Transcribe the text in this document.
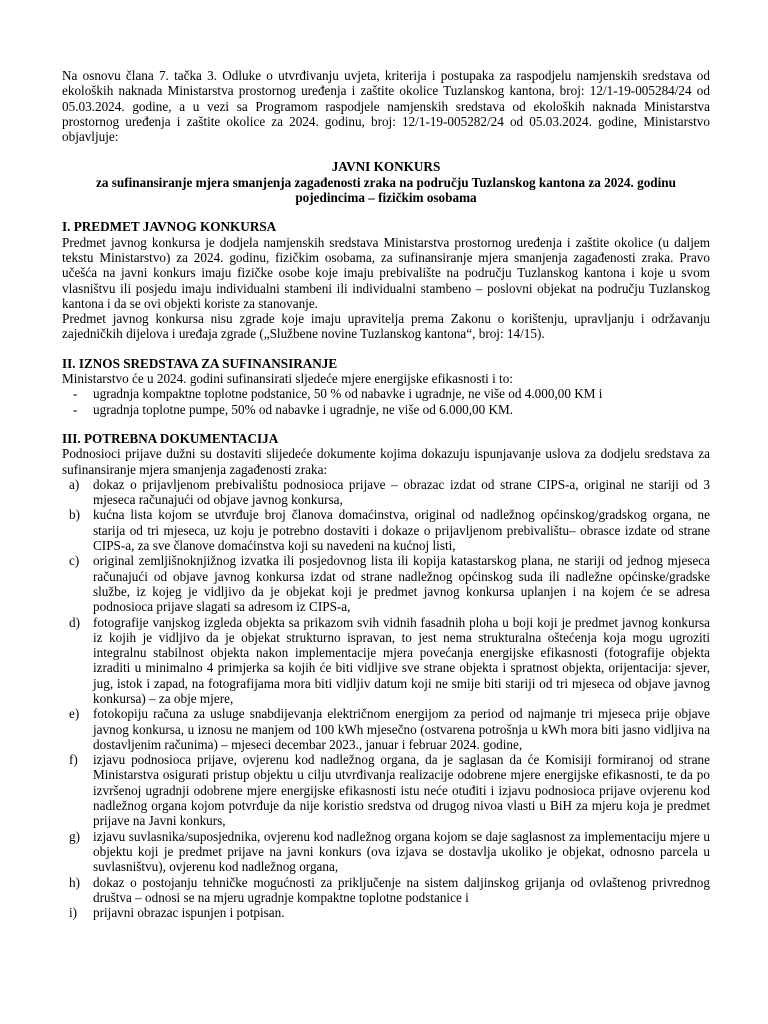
Na osnovu člana 7. tačka 3. Odluke o utvrđivanju uvjeta, kriterija i postupaka za raspodjelu namjenskih sredstava od ekoloških naknada Ministarstva prostornog uređenja i zaštite okolice Tuzlanskog kantona, broj: 12/1-19-005284/24 od 05.03.2024. godine, a u vezi sa Programom raspodjele namjenskih sredstava od ekoloških naknada Ministarstva prostornog uređenja i zaštite okolice za 2024. godinu, broj: 12/1-19-005282/24 od 05.03.2024. godine, Ministarstvo objavljuje:

JAVNI KONKURS
za sufinansiranje mjera smanjenja zagađenosti zraka na području Tuzlanskog kantona za 2024. godinu pojedincima – fizičkim osobama
I. PREDMET JAVNOG KONKURSA

Predmet javnog konkursa je dodjela namjenskih sredstava Ministarstva prostornog uređenja i zaštite okolice (u daljem tekstu Ministarstvo) za 2024. godinu, fizičkim osobama, za sufinansiranje mjera smanjenja zagađenosti zraka. Pravo učešća na javni konkurs imaju fizičke osobe koje imaju prebivalište na području Tuzlanskog kantona i koje u svom vlasništvu ili posjedu imaju individualni stambeni ili individualni stambeno – poslovni objekat na području Tuzlanskog kantona i da se ovi objekti koriste za stanovanje.

Predmet javnog konkursa nisu zgrade koje imaju upravitelja prema Zakonu o korištenju, upravljanju i održavanju zajedničkih dijelova i uređaja zgrade („Službene novine Tuzlanskog kantona“, broj: 14/15).

II. IZNOS SREDSTAVA ZA SUFINANSIRANJE

Ministarstvo će u 2024. godini sufinansirati sljedeće mjere energijske efikasnosti i to:

- ugradnja kompaktne toplotne podstanice, 50 % od nabavke i ugradnje, ne više od 4.000,00 KM i
- ugradnja toplotne pumpe, 50% od nabavke i ugradnje, ne više od 6.000,00 KM.
III. POTREBNA DOKUMENTACIJA

Podnosioci prijave dužni su dostaviti slijedeće dokumente kojima dokazuju ispunjavanje uslova za dodjelu sredstava za sufinansiranje mjera smanjenja zagađenosti zraka:

a) dokaz o prijavljenom prebivalištu podnosioca prijave – obrazac izdat od strane CIPS-a, original ne stariji od 3 mjeseca računajući od objave javnog konkursa,
b) kućna lista kojom se utvrđuje broj članova domaćinstva, original od nadležnog općinskog/gradskog organa, ne starija od tri mjeseca, uz koju je potrebno dostaviti i dokaze o prijavljenom prebivalištu– obrasce izdate od strane CIPS-a, za sve članove domaćinstva koji su navedeni na kućnoj listi,
c) original zemljišnoknjižnog izvatka ili posjedovnog lista ili kopija katastarskog plana, ne stariji od jednog mjeseca računajući od objave javnog konkursa izdat od strane nadležnog općinskog suda ili nadležne općinske/gradske službe, iz kojeg je vidljivo da je objekat koji je predmet javnog konkursa uplanjen i na kojem će se adresa podnosioca prijave slagati sa adresom iz CIPS-a,
d) fotografije vanjskog izgleda objekta sa prikazom svih vidnih fasadnih ploha u boji koji je predmet javnog konkursa iz kojih je vidljivo da je objekat strukturno ispravan, to jest nema strukturalna oštećenja koja mogu ugroziti integralnu stabilnost objekta nakon implementacije mjera povećanja energijske efikasnosti (fotografije objekta izraditi u minimalno 4 primjerka sa kojih će biti vidljive sve strane objekta i spratnost objekta, orijentacija: sjever, jug, istok i zapad, na fotografijama mora biti vidljiv datum koji ne smije biti stariji od tri mjeseca od objave javnog konkursa) – za obje mjere,
e) fotokopiju računa za usluge snabdijevanja električnom energijom za period od najmanje tri mjeseca prije objave javnog konkursa, u iznosu ne manjem od 100 kWh mjesečno (ostvarena potrošnja u kWh mora biti jasno vidljiva na dostavljenim računima) – mjeseci decembar 2023., januar i februar 2024. godine,
f) izjavu podnosioca prijave, ovjerenu kod nadležnog organa, da je saglasan da će Komisiji formiranoj od strane Ministarstva osigurati pristup objektu u cilju utvrđivanja realizacije odobrene mjere energijske efikasnosti, te da po izvršenoj ugradnji odobrene mjere energijske efikasnosti istu neće otuđiti i izjavu podnosioca prijave ovjerenu kod nadležnog organa kojom potvrđuje da nije koristio sredstva od drugog nivoa vlasti u BiH za mjeru koja je predmet prijave na Javni konkurs,
g) izjavu suvlasnika/suposjednika, ovjerenu kod nadležnog organa kojom se daje saglasnost za implementaciju mjere u objektu koji je predmet prijave na javni konkurs (ova izjava se dostavlja ukoliko je objekat, odnosno parcela u suvlasništvu), ovjerenu kod nadležnog organa,
h) dokaz o postojanju tehničke mogućnosti za priključenje na sistem daljinskog grijanja od ovlaštenog privrednog društva – odnosi se na mjeru ugradnje kompaktne toplotne podstanice i
i) prijavni obrazac ispunjen i potpisan.
